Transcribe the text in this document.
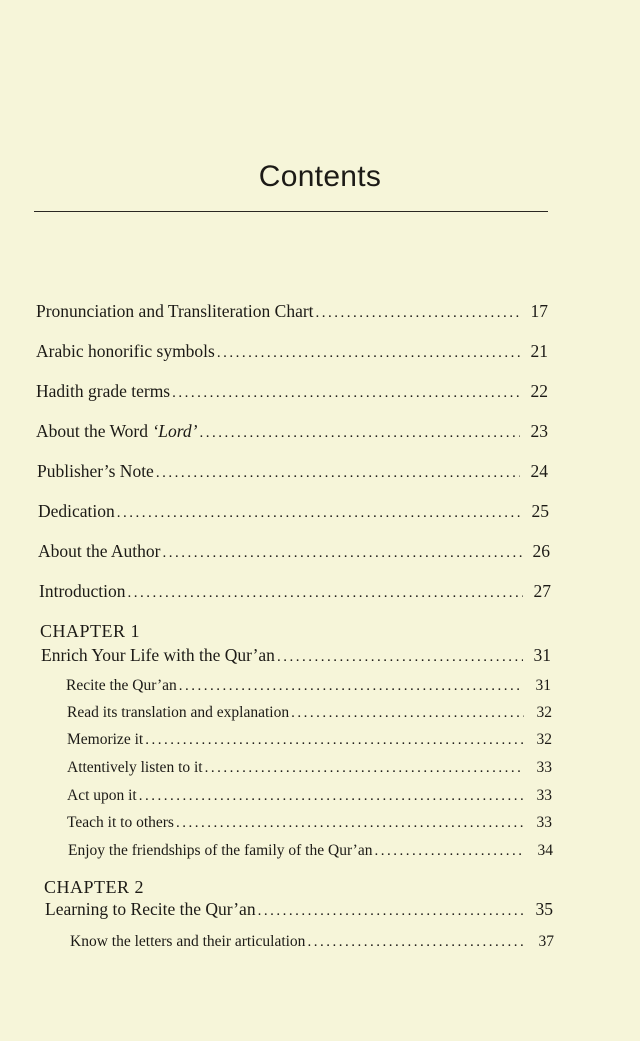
Contents
Pronunciation and Transliteration Chart .....	17
Arabic honorific symbols .....	21
Hadith grade terms .....	22
About the Word ‘Lord’ .....	23
Publisher’s Note .....	24
Dedication .....	25
About the Author .....	26
Introduction .....	27
CHAPTER 1
Enrich Your Life with the Qur’an .....	31
Recite the Qur’an .....	31
Read its translation and explanation .....	32
Memorize it .....	32
Attentively listen to it .....	33
Act upon it .....	33
Teach it to others .....	33
Enjoy the friendships of the family of the Qur’an .....	34
CHAPTER 2
Learning to Recite the Qur’an .....	35
Know the letters and their articulation .....	37
